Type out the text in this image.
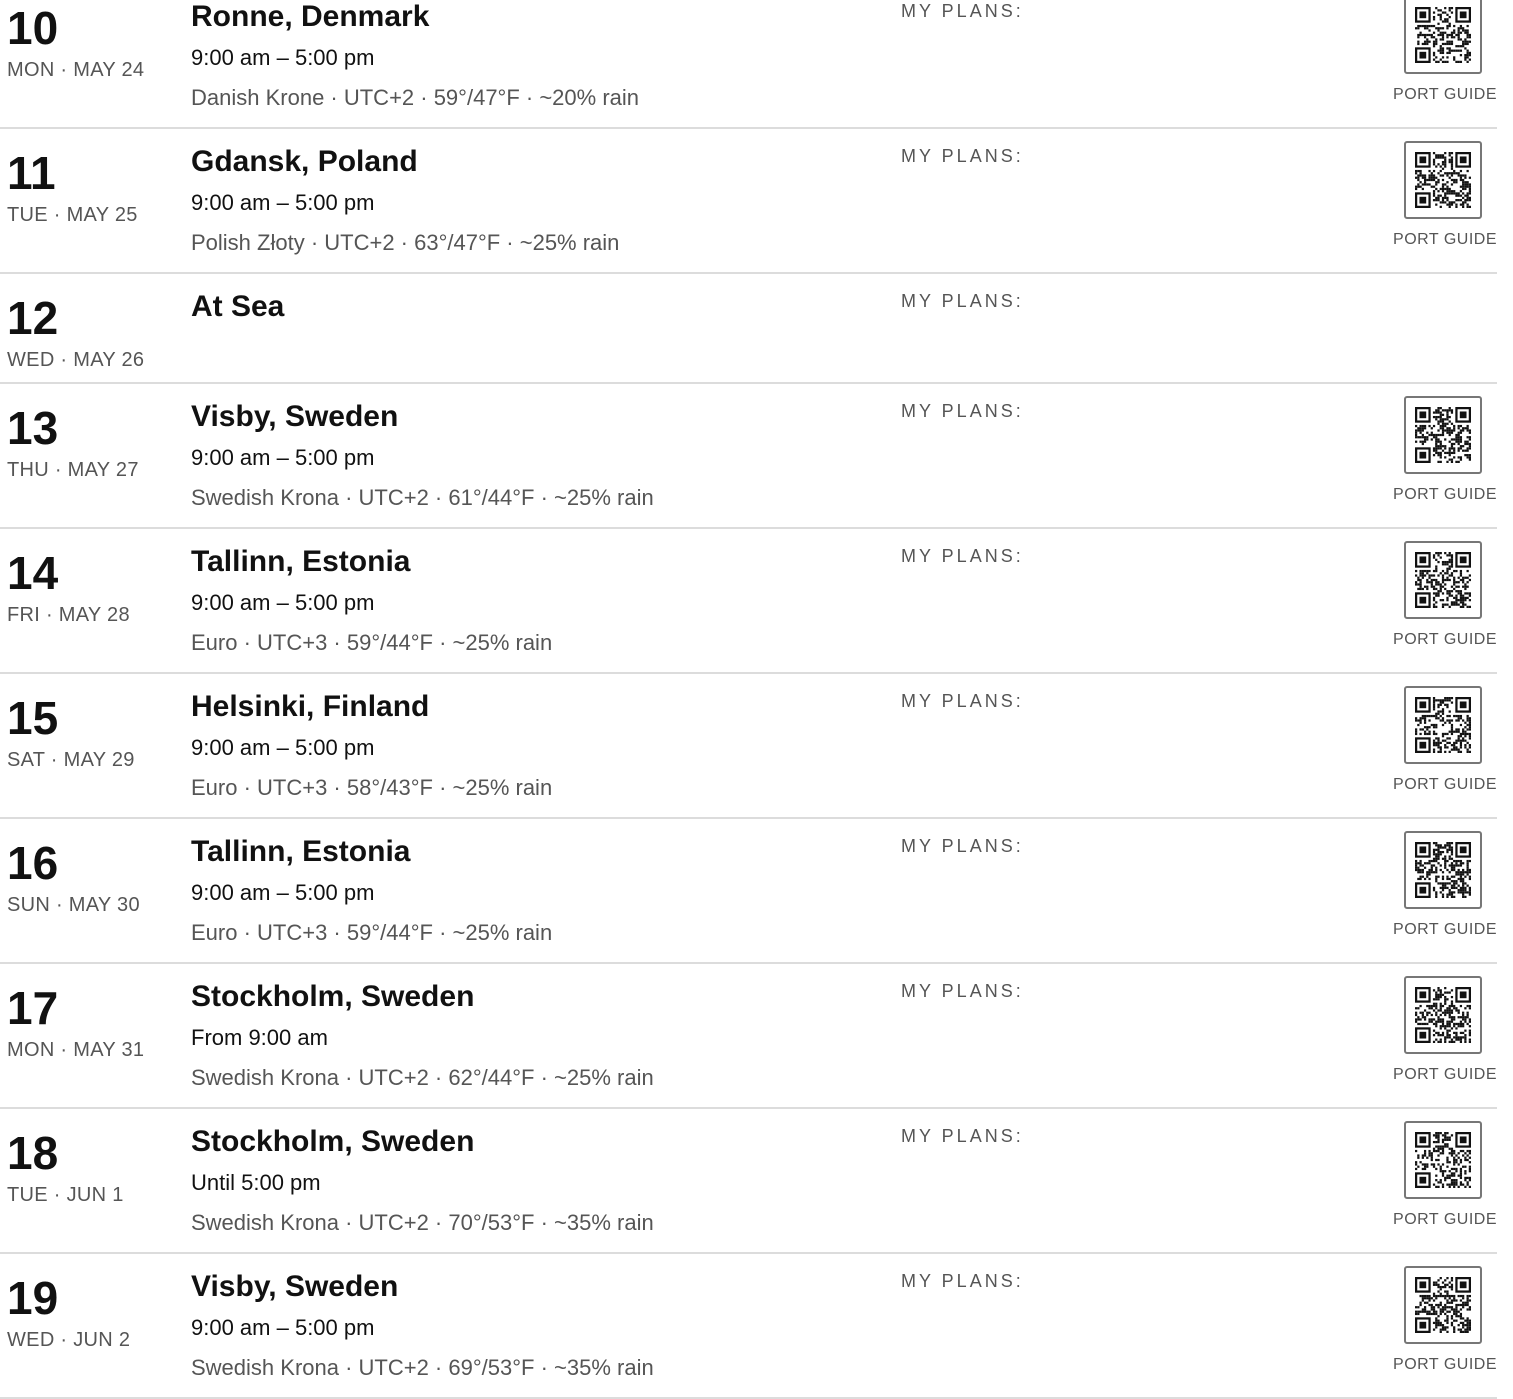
10
MON · MAY 24
Ronne, Denmark
9:00 am – 5:00 pm
Danish Krone · UTC+2 · 59°/47°F · ~20% rain
MY PLANS:
PORT GUIDE
11
TUE · MAY 25
Gdansk, Poland
9:00 am – 5:00 pm
Polish Złoty · UTC+2 · 63°/47°F · ~25% rain
MY PLANS:
PORT GUIDE
12
WED · MAY 26
At Sea	MY PLANS:
13
THU · MAY 27
Visby, Sweden
9:00 am – 5:00 pm
Swedish Krona · UTC+2 · 61°/44°F · ~25% rain
MY PLANS:
PORT GUIDE
14
FRI · MAY 28
Tallinn, Estonia
9:00 am – 5:00 pm
Euro · UTC+3 · 59°/44°F · ~25% rain
MY PLANS:
PORT GUIDE
15
SAT · MAY 29
Helsinki, Finland
9:00 am – 5:00 pm
Euro · UTC+3 · 58°/43°F · ~25% rain
MY PLANS:
PORT GUIDE
16
SUN · MAY 30
Tallinn, Estonia
9:00 am – 5:00 pm
Euro · UTC+3 · 59°/44°F · ~25% rain
MY PLANS:
PORT GUIDE
17
MON · MAY 31
Stockholm, Sweden
From 9:00 am
Swedish Krona · UTC+2 · 62°/44°F · ~25% rain
MY PLANS:
PORT GUIDE
18
TUE · JUN 1
Stockholm, Sweden
Until 5:00 pm
Swedish Krona · UTC+2 · 70°/53°F · ~35% rain
MY PLANS:
PORT GUIDE
19
WED · JUN 2
Visby, Sweden
9:00 am – 5:00 pm
Swedish Krona · UTC+2 · 69°/53°F · ~35% rain
MY PLANS:
PORT GUIDE
